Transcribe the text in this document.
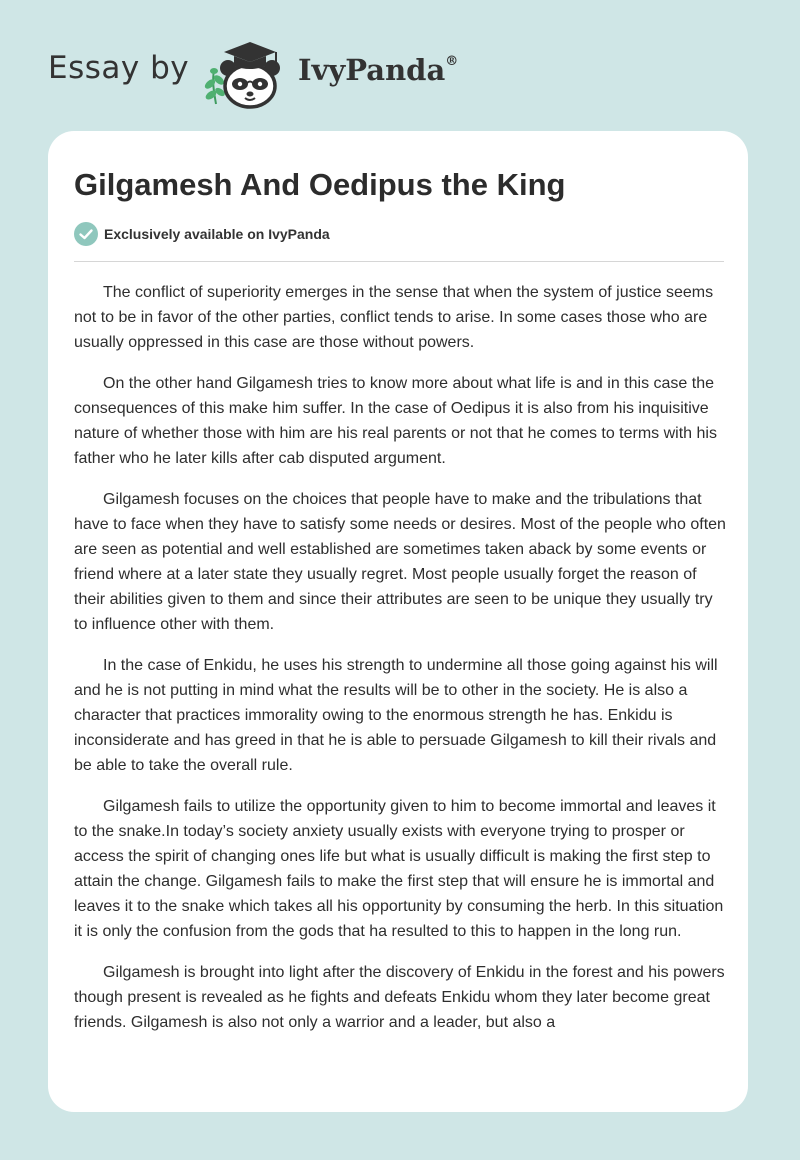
Essay by	IvyPanda®
Gilgamesh And Oedipus the King
Exclusively available on IvyPanda

The conflict of superiority emerges in the sense that when the system of justice seems not to be in favor of the other parties, conflict tends to arise. In some cases those who are usually oppressed in this case are those without powers.

On the other hand Gilgamesh tries to know more about what life is and in this case the consequences of this make him suffer. In the case of Oedipus it is also from his inquisitive nature of whether those with him are his real parents or not that he comes to terms with his father who he later kills after cab disputed argument.

Gilgamesh focuses on the choices that people have to make and the tribulations that have to face when they have to satisfy some needs or desires. Most of the people who often are seen as potential and well established are sometimes taken aback by some events or friend where at a later state they usually regret. Most people usually forget the reason of their abilities given to them and since their attributes are seen to be unique they usually try to influence other with them.

In the case of Enkidu, he uses his strength to undermine all those going against his will and he is not putting in mind what the results will be to other in the society. He is also a character that practices immorality owing to the enormous strength he has. Enkidu is inconsiderate and has greed in that he is able to persuade Gilgamesh to kill their rivals and be able to take the overall rule.

Gilgamesh fails to utilize the opportunity given to him to become immortal and leaves it to the snake.In today’s society anxiety usually exists with everyone trying to prosper or access the spirit of changing ones life but what is usually difficult is making the first step to attain the change. Gilgamesh fails to make the first step that will ensure he is immortal and leaves it to the snake which takes all his opportunity by consuming the herb. In this situation it is only the confusion from the gods that ha resulted to this to happen in the long run.

Gilgamesh is brought into light after the discovery of Enkidu in the forest and his powers though present is revealed as he fights and defeats Enkidu whom they later become great friends. Gilgamesh is also not only a warrior and a leader, but also a
